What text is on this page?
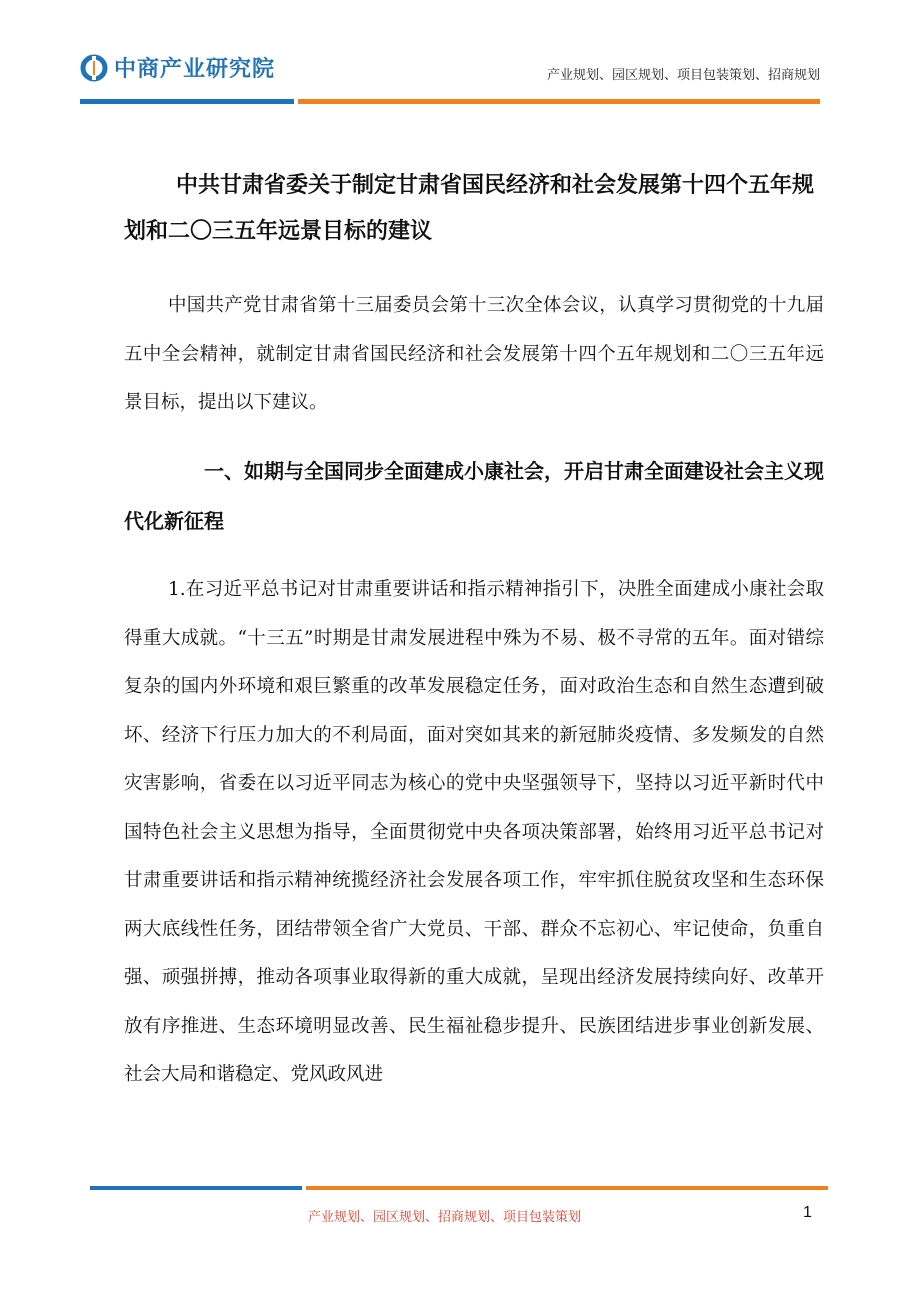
中商产业研究院	产业规划、园区规划、项目包装策划、招商规划
中共甘肃省委关于制定甘肃省国民经济和社会发展第十四个五年规划和二〇三五年远景目标的建议

中国共产党甘肃省第十三届委员会第十三次全体会议，认真学习贯彻党的十九届五中全会精神，就制定甘肃省国民经济和社会发展第十四个五年规划和二〇三五年远景目标，提出以下建议。

一、如期与全国同步全面建成小康社会，开启甘肃全面建设社会主义现代化新征程

1.在习近平总书记对甘肃重要讲话和指示精神指引下，决胜全面建成小康社会取得重大成就。“十三五”时期是甘肃发展进程中殊为不易、极不寻常的五年。面对错综复杂的国内外环境和艰巨繁重的改革发展稳定任务，面对政治生态和自然生态遭到破坏、经济下行压力加大的不利局面，面对突如其来的新冠肺炎疫情、多发频发的自然灾害影响，省委在以习近平同志为核心的党中央坚强领导下，坚持以习近平新时代中国特色社会主义思想为指导，全面贯彻党中央各项决策部署，始终用习近平总书记对甘肃重要讲话和指示精神统揽经济社会发展各项工作，牢牢抓住脱贫攻坚和生态环保两大底线性任务，团结带领全省广大党员、干部、群众不忘初心、牢记使命，负重自强、顽强拼搏，推动各项事业取得新的重大成就，呈现出经济发展持续向好、改革开放有序推进、生态环境明显改善、民生福祉稳步提升、民族团结进步事业创新发展、社会大局和谐稳定、党风政风进

产业规划、园区规划、招商规划、项目包装策划	1
